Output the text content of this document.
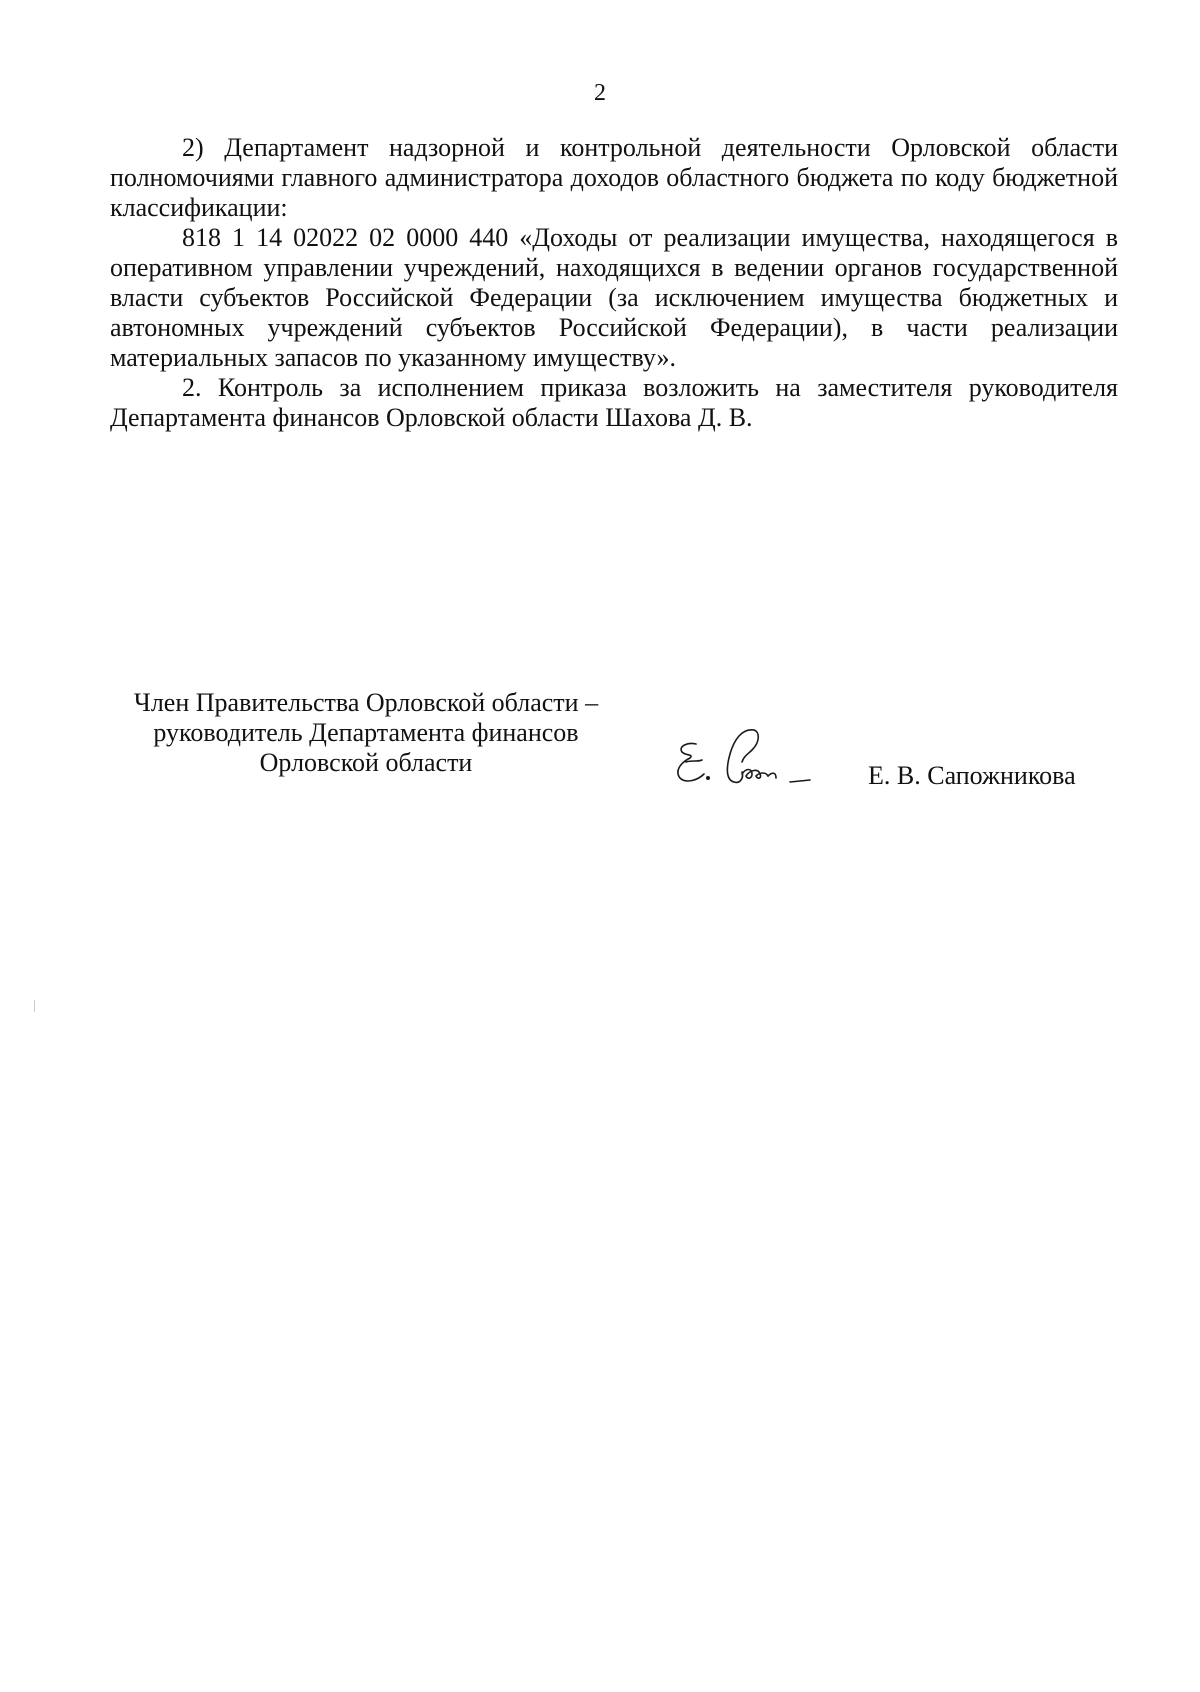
2

2) Департамент надзорной и контрольной деятельности Орловской области полномочиями главного администратора доходов областного бюджета по коду бюджетной классификации:

818 1 14 02022 02 0000 440 «Доходы от реализации имущества, находящегося в оперативном управлении учреждений, находящихся в ведении органов государственной власти субъектов Российской Федерации (за исключением имущества бюджетных и автономных учреждений субъектов Российской Федерации), в части реализации материальных запасов по указанному имуществу».

2. Контроль за исполнением приказа возложить на заместителя руководителя Департамента финансов Орловской области Шахова Д. В.

Член Правительства Орловской области –
руководитель Департамента финансов
Орловской области	Е. В. Сапожникова
